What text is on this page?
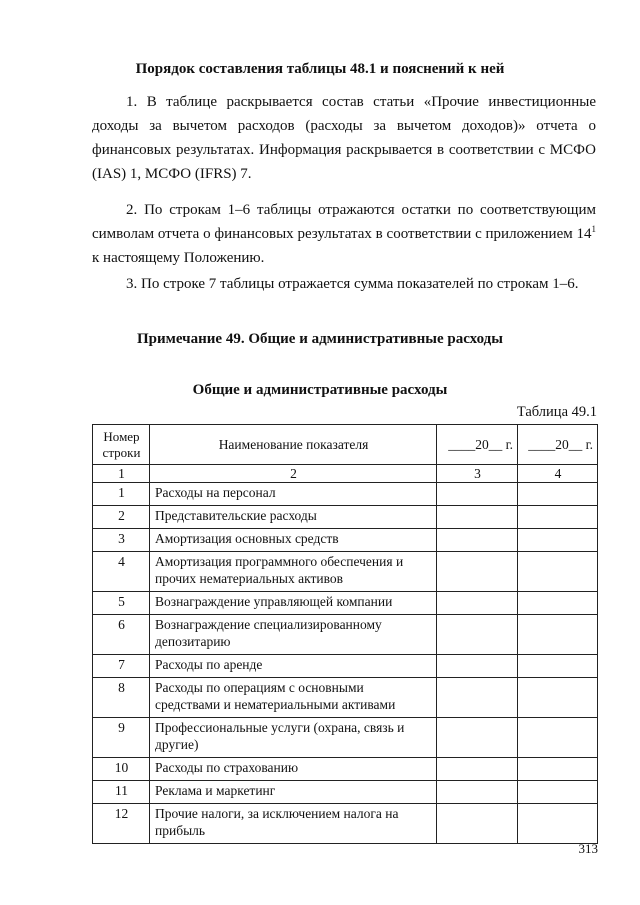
Порядок составления таблицы 48.1 и пояснений к ней

1. В таблице раскрывается состав статьи «Прочие инвестиционные доходы за вычетом расходов (расходы за вычетом доходов)» отчета о финансовых результатах. Информация раскрывается в соответствии с МСФО (IAS) 1, МСФО (IFRS) 7.

2. По строкам 1–6 таблицы отражаются остатки по соответствующим символам отчета о финансовых результатах в соответствии с приложением $14^1$ к настоящему Положению.

3. По строке 7 таблицы отражается сумма показателей по строкам 1–6.

Примечание 49. Общие и административные расходы
Общие и административные расходы
Таблица 49.1
Номер строки	Наименование показателя	____20__ г.	____20__ г.
1	2	3	4
1	Расходы на персонал		
2	Представительские расходы		
3	Амортизация основных средств		
4	Амортизация программного обеспечения и прочих нематериальных активов		
5	Вознаграждение управляющей компании		
6	Вознаграждение специализированному депозитарию		
7	Расходы по аренде		
8	Расходы по операциям с основными средствами и нематериальными активами		
9	Профессиональные услуги (охрана, связь и другие)		
10	Расходы по страхованию		
11	Реклама и маркетинг		
12	Прочие налоги, за исключением налога на прибыль		
313
